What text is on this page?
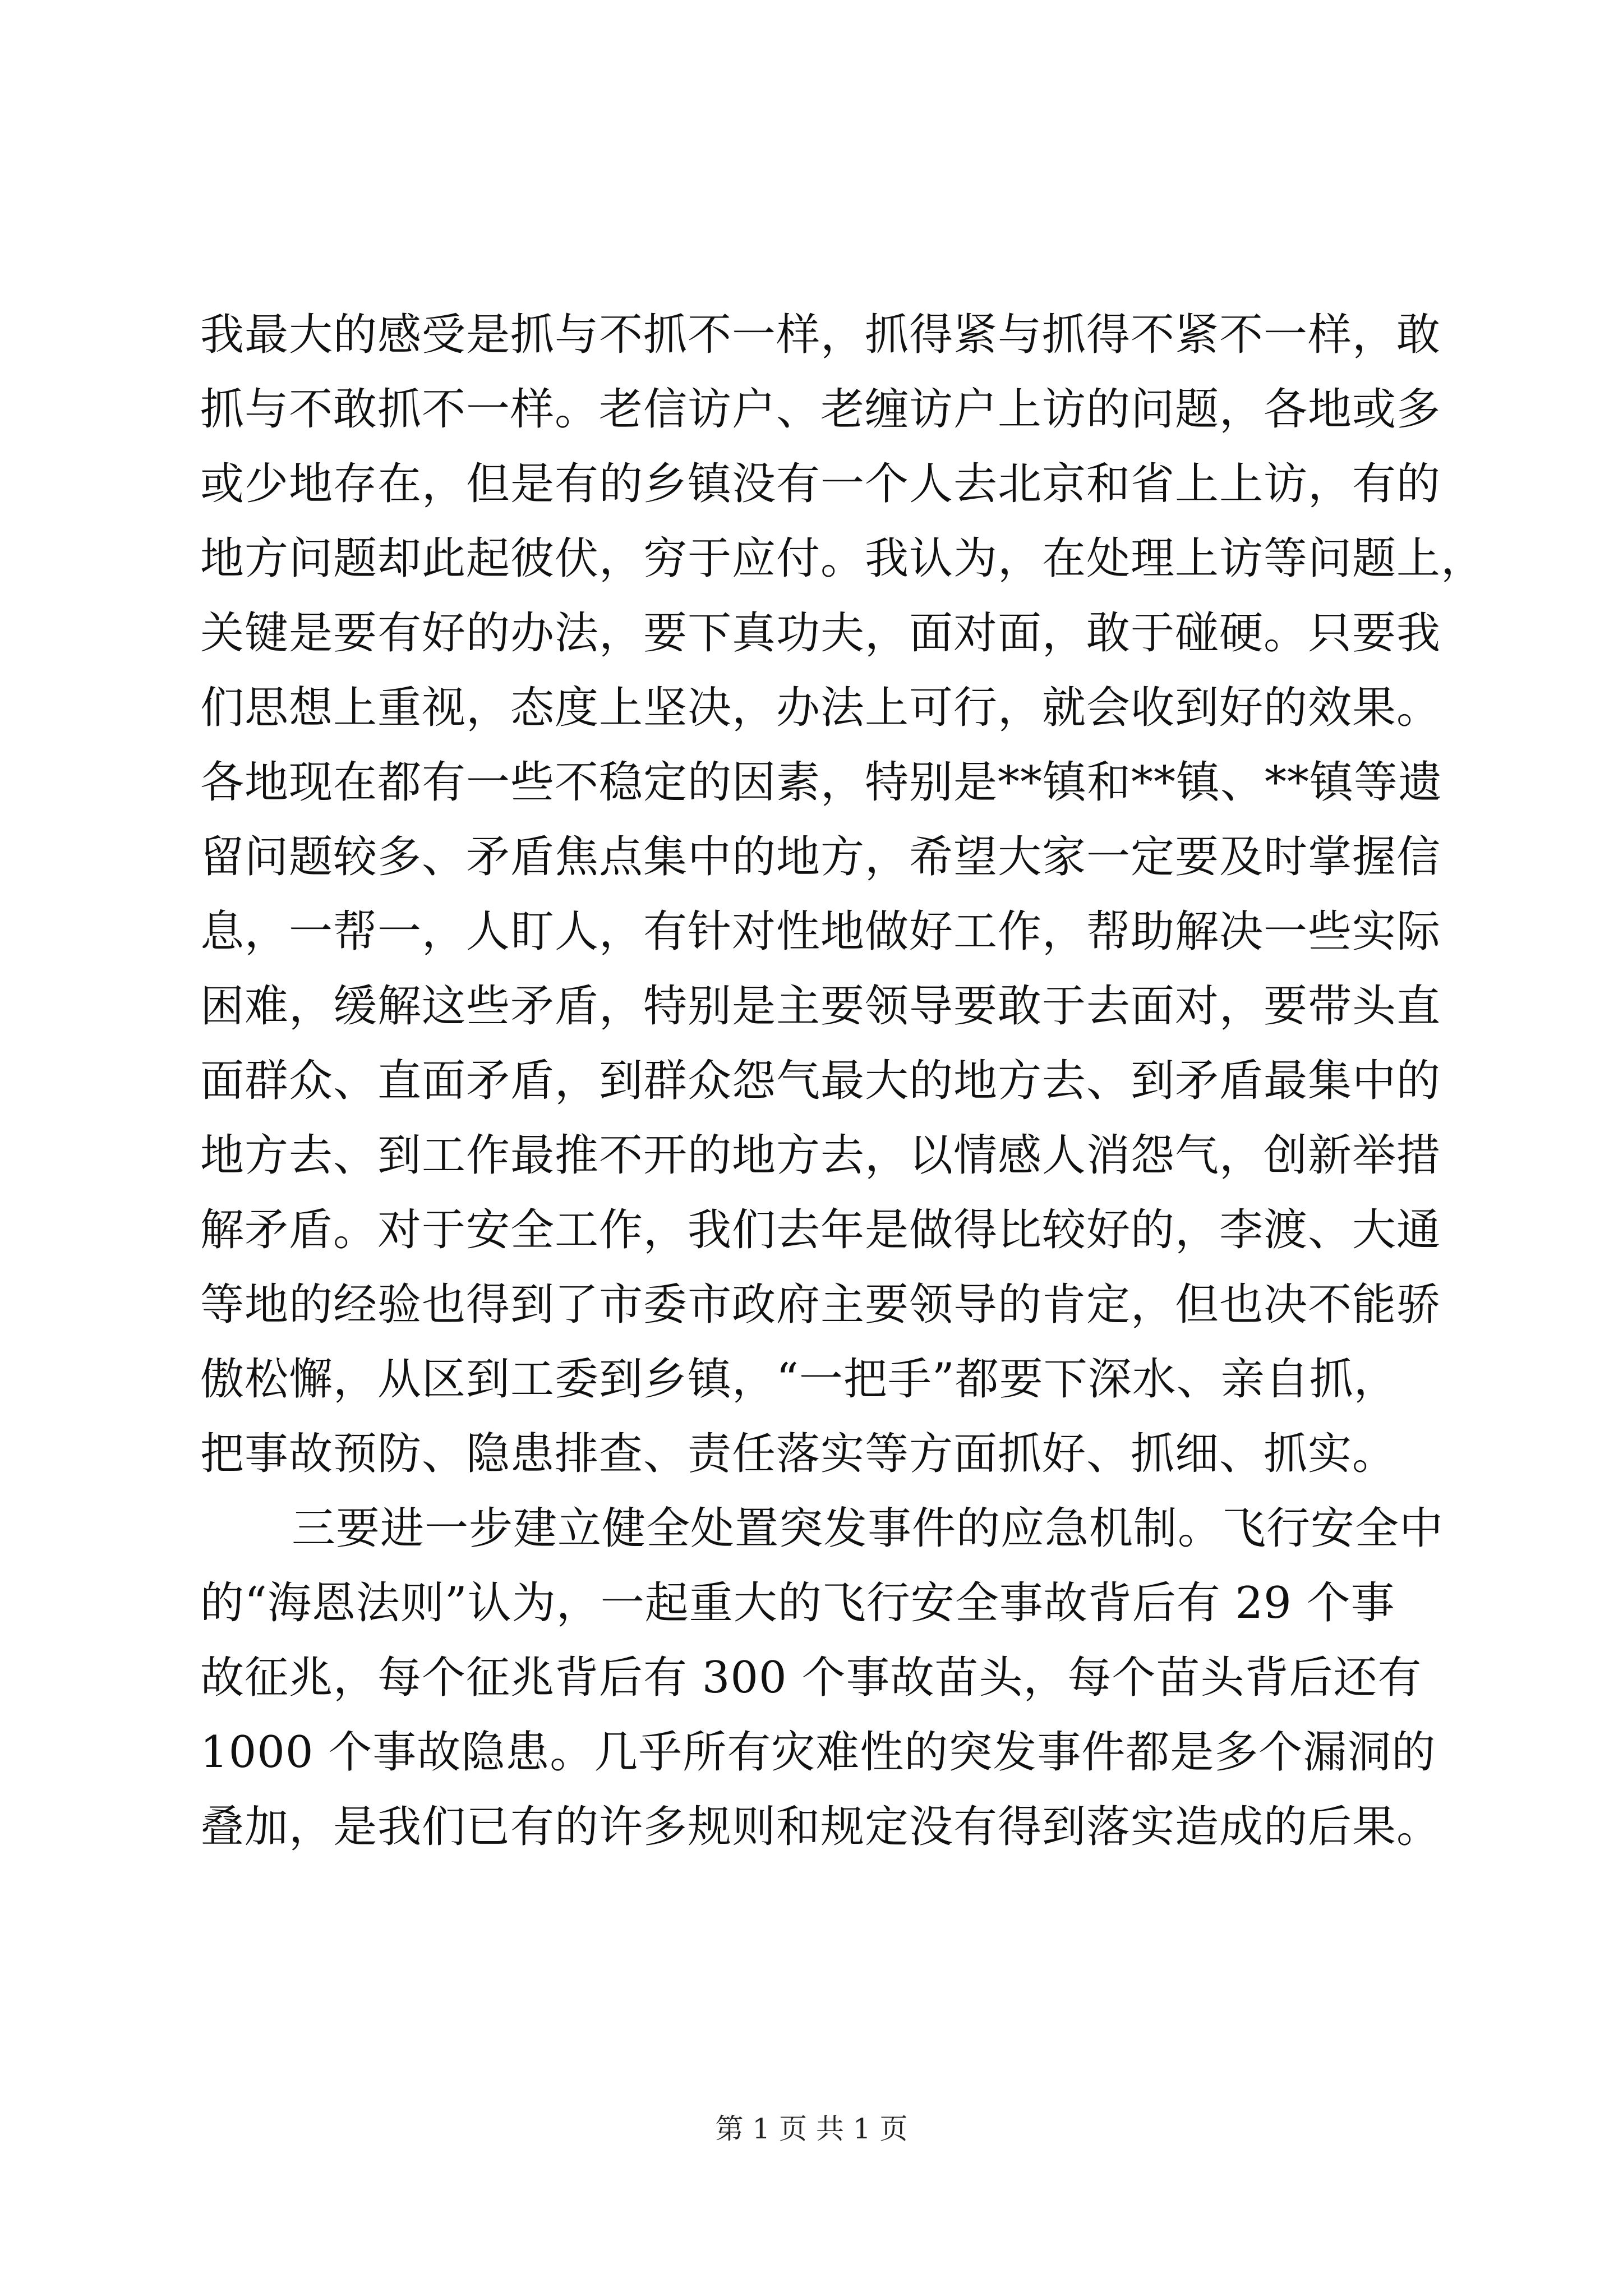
我最大的感受是抓与不抓不一样，抓得紧与抓得不紧不一样，敢
抓与不敢抓不一样。老信访户、老缠访户上访的问题，各地或多
或少地存在，但是有的乡镇没有一个人去北京和省上上访，有的
地方问题却此起彼伏，穷于应付。我认为，在处理上访等问题上，
关键是要有好的办法，要下真功夫，面对面，敢于碰硬。只要我
们思想上重视，态度上坚决，办法上可行，就会收到好的效果。
各地现在都有一些不稳定的因素，特别是**镇和**镇、**镇等遗
留问题较多、矛盾焦点集中的地方，希望大家一定要及时掌握信
息，一帮一，人盯人，有针对性地做好工作，帮助解决一些实际
困难，缓解这些矛盾，特别是主要领导要敢于去面对，要带头直
面群众、直面矛盾，到群众怨气最大的地方去、到矛盾最集中的
地方去、到工作最推不开的地方去，以情感人消怨气，创新举措
解矛盾。对于安全工作，我们去年是做得比较好的，李渡、大通
等地的经验也得到了市委市政府主要领导的肯定，但也决不能骄
傲松懈，从区到工委到乡镇，“一把手”都要下深水、亲自抓，
把事故预防、隐患排查、责任落实等方面抓好、抓细、抓实。
三要进一步建立健全处置突发事件的应急机制。飞行安全中
的“海恩法则”认为，一起重大的飞行安全事故背后有 29 个事
故征兆，每个征兆背后有 300 个事故苗头，每个苗头背后还有
1000 个事故隐患。几乎所有灾难性的突发事件都是多个漏洞的
叠加，是我们已有的许多规则和规定没有得到落实造成的后果。
第 1 页 共 1 页
